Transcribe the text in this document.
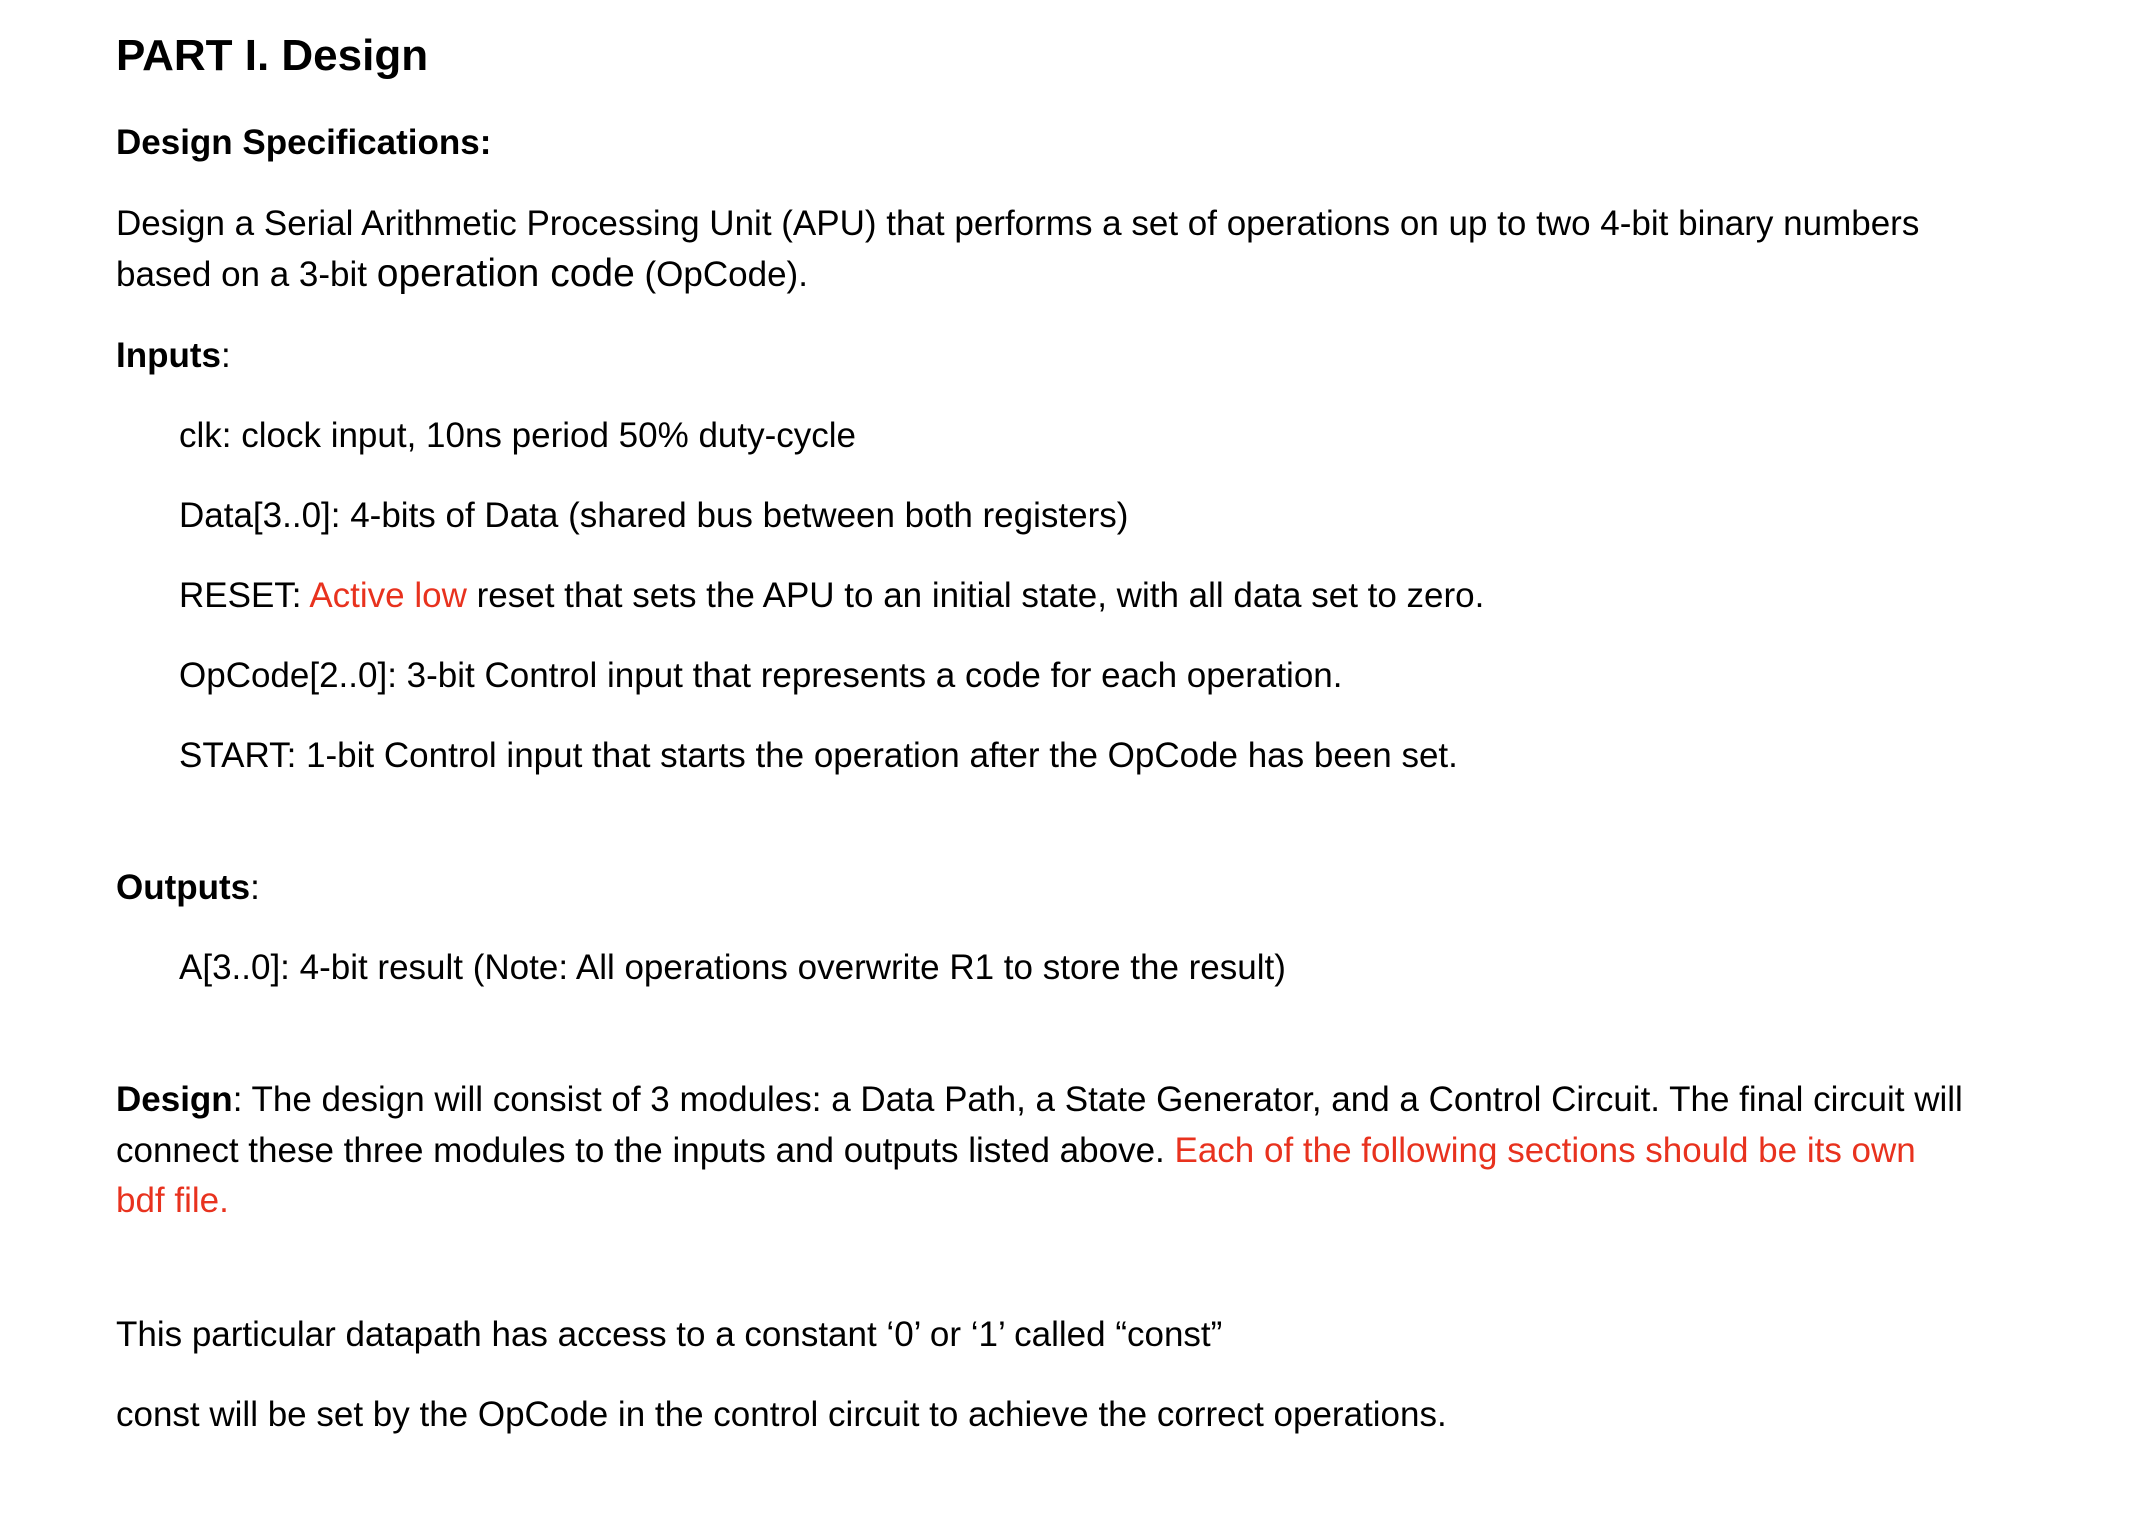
PART I. Design

Design Specifications:

Design a Serial Arithmetic Processing Unit (APU) that performs a set of operations on up to two 4-bit binary numbers

based on a 3-bit operation code (OpCode).

Inputs:

clk: clock input, 10ns period 50% duty-cycle

Data[3..0]: 4-bits of Data (shared bus between both registers)

RESET: Active low reset that sets the APU to an initial state, with all data set to zero.

OpCode[2..0]: 3-bit Control input that represents a code for each operation.

START: 1-bit Control input that starts the operation after the OpCode has been set.

Outputs:

A[3..0]: 4-bit result (Note: All operations overwrite R1 to store the result)

Design: The design will consist of 3 modules: a Data Path, a State Generator, and a Control Circuit. The final circuit will

connect these three modules to the inputs and outputs listed above. Each of the following sections should be its own

bdf file.

This particular datapath has access to a constant ‘0’ or ‘1’ called “const”

const will be set by the OpCode in the control circuit to achieve the correct operations.
